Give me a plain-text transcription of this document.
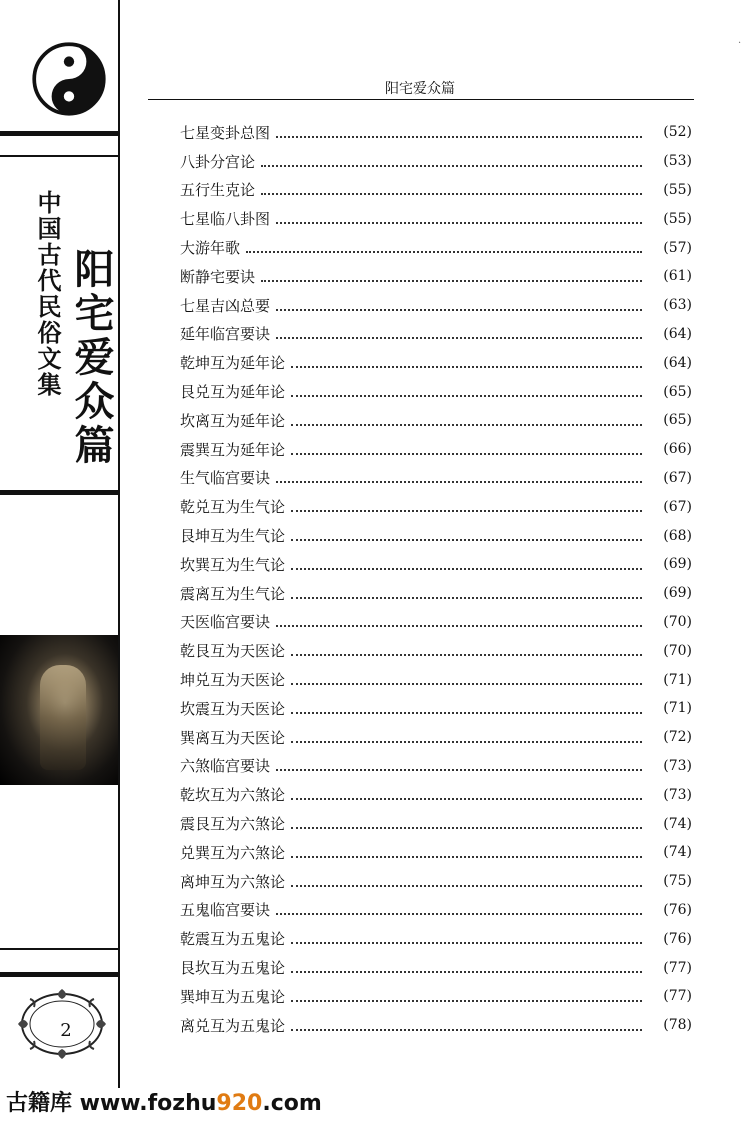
中国古代民俗文集 阳宅爱众篇
2
阳宅爱众篇
·
七星变卦总图	(52)
八卦分宫论	(53)
五行生克论	(55)
七星临八卦图	(55)
大游年歌	(57)
断静宅要诀	(61)
七星吉凶总要	(63)
延年临宫要诀	(64)
乾坤互为延年论	(64)
艮兑互为延年论	(65)
坎离互为延年论	(65)
震巽互为延年论	(66)
生气临宫要诀	(67)
乾兑互为生气论	(67)
艮坤互为生气论	(68)
坎巽互为生气论	(69)
震离互为生气论	(69)
天医临宫要诀	(70)
乾艮互为天医论	(70)
坤兑互为天医论	(71)
坎震互为天医论	(71)
巽离互为天医论	(72)
六煞临宫要诀	(73)
乾坎互为六煞论	(73)
震艮互为六煞论	(74)
兑巽互为六煞论	(74)
离坤互为六煞论	(75)
五鬼临宫要诀	(76)
乾震互为五鬼论	(76)
艮坎互为五鬼论	(77)
巽坤互为五鬼论	(77)
离兑互为五鬼论	(78)
古籍库 www.fozhu920.com
